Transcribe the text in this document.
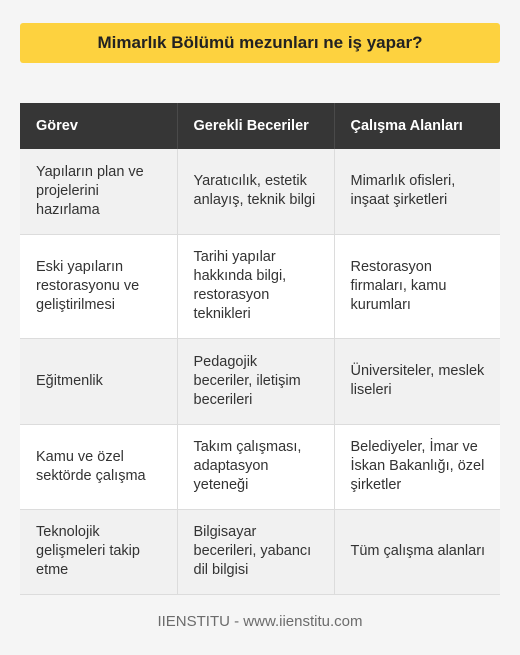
Mimarlık Bölümü mezunları ne iş yapar?
Görev	Gerekli Beceriler	Çalışma Alanları
Yapıların plan ve projelerini hazırlama	Yaratıcılık, estetik anlayış, teknik bilgi	Mimarlık ofisleri, inşaat şirketleri
Eski yapıların restorasyonu ve geliştirilmesi	Tarihi yapılar hakkında bilgi, restorasyon teknikleri	Restorasyon firmaları, kamu kurumları
Eğitmenlik	Pedagojik beceriler, iletişim becerileri	Üniversiteler, meslek liseleri
Kamu ve özel sektörde çalışma	Takım çalışması, adaptasyon yeteneği	Belediyeler, İmar ve İskan Bakanlığı, özel şirketler
Teknolojik gelişmeleri takip etme	Bilgisayar becerileri, yabancı dil bilgisi	Tüm çalışma alanları
IIENSTITU - www.iienstitu.com
